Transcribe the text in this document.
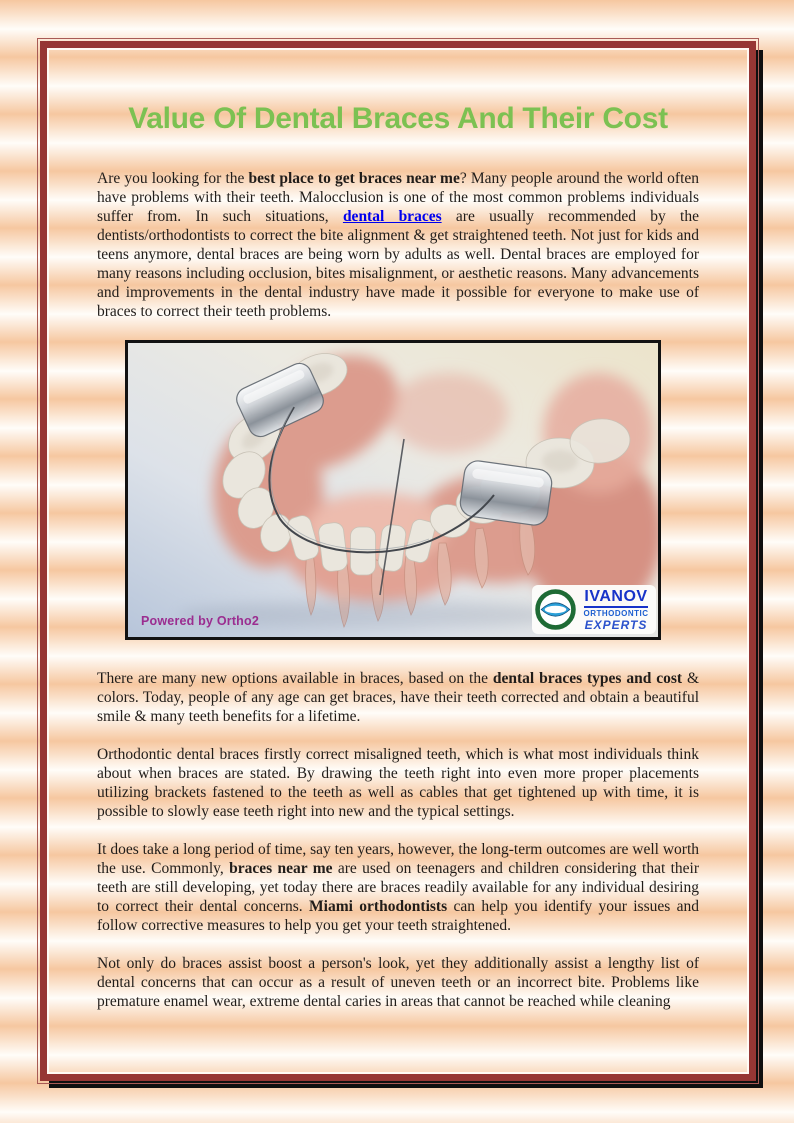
Value Of Dental Braces And Their Cost

Are you looking for the best place to get braces near me? Many people around the world often have problems with their teeth. Malocclusion is one of the most common problems individuals suffer from. In such situations, dental braces are usually recommended by the dentists/orthodontists to correct the bite alignment & get straightened teeth. Not just for kids and teens anymore, dental braces are being worn by adults as well. Dental braces are employed for many reasons including occlusion, bites misalignment, or aesthetic reasons. Many advancements and improvements in the dental industry have made it possible for everyone to make use of braces to correct their teeth problems.

Powered by Ortho2
IVANOV
ORTHODONTIC
EXPERTS

There are many new options available in braces, based on the dental braces types and cost & colors. Today, people of any age can get braces, have their teeth corrected and obtain a beautiful smile & many teeth benefits for a lifetime.

Orthodontic dental braces firstly correct misaligned teeth, which is what most individuals think about when braces are stated. By drawing the teeth right into even more proper placements utilizing brackets fastened to the teeth as well as cables that get tightened up with time, it is possible to slowly ease teeth right into new and the typical settings.

It does take a long period of time, say ten years, however, the long-term outcomes are well worth the use. Commonly, braces near me are used on teenagers and children considering that their teeth are still developing, yet today there are braces readily available for any individual desiring to correct their dental concerns. Miami orthodontists can help you identify your issues and follow corrective measures to help you get your teeth straightened.

Not only do braces assist boost a person's look, yet they additionally assist a lengthy list of dental concerns that can occur as a result of uneven teeth or an incorrect bite. Problems like premature enamel wear, extreme dental caries in areas that cannot be reached while cleaning
